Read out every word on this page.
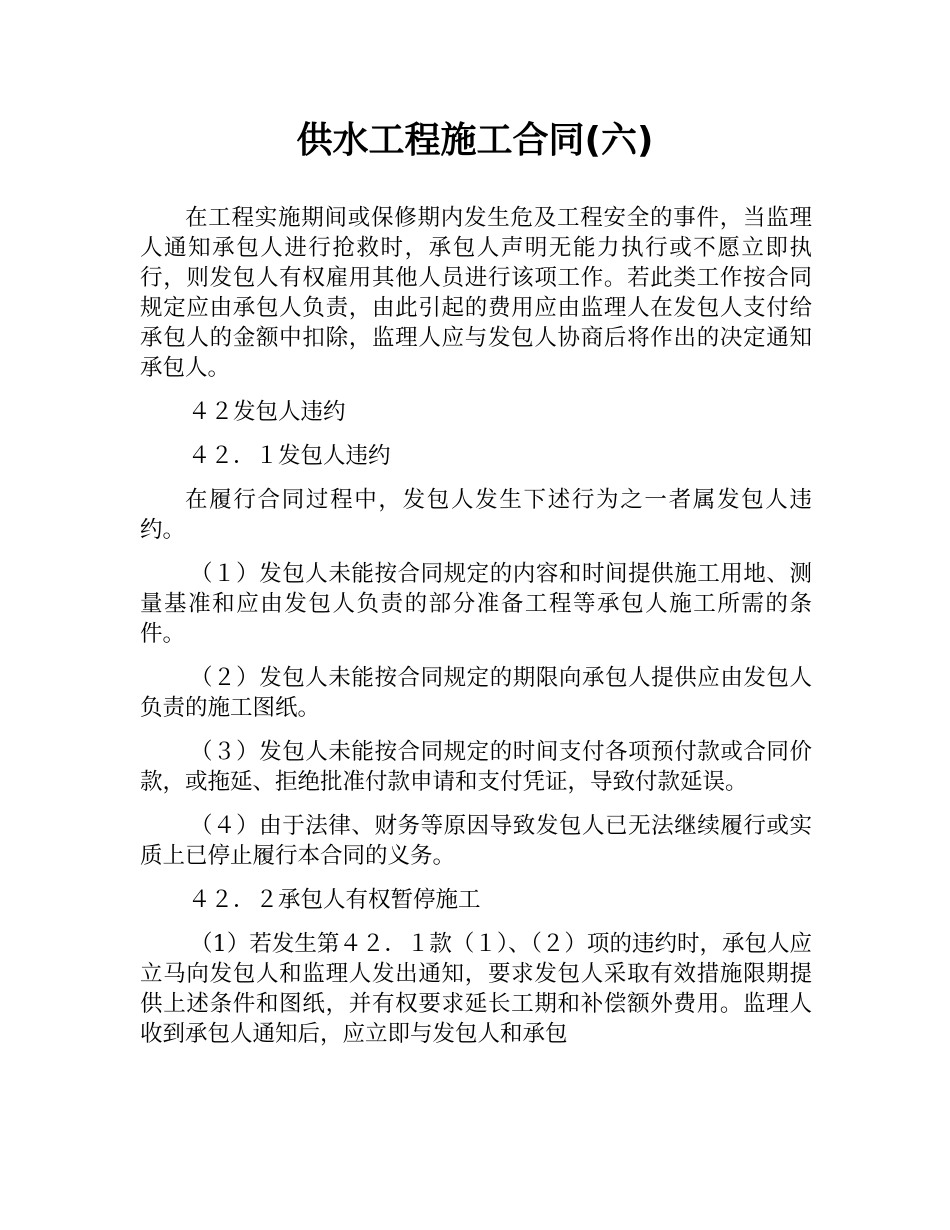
供水工程施工合同(六)

在工程实施期间或保修期内发生危及工程安全的事件，当监理人通知承包人进行抢救时，承包人声明无能力执行或不愿立即执行，则发包人有权雇用其他人员进行该项工作。若此类工作按合同规定应由承包人负责，由此引起的费用应由监理人在发包人支付给承包人的金额中扣除，监理人应与发包人协商后将作出的决定通知承包人。

４２发包人违约

４２．１发包人违约

在履行合同过程中，发包人发生下述行为之一者属发包人违约。

（１）发包人未能按合同规定的内容和时间提供施工用地、测量基准和应由发包人负责的部分准备工程等承包人施工所需的条件。

（２）发包人未能按合同规定的期限向承包人提供应由发包人负责的施工图纸。

（３）发包人未能按合同规定的时间支付各项预付款或合同价款，或拖延、拒绝批准付款申请和支付凭证，导致付款延误。

（４）由于法律、财务等原因导致发包人已无法继续履行或实质上已停止履行本合同的义务。

４２．２承包人有权暂停施工

（1）若发生第４２．１款（１）、（２）项的违约时，承包人应立马向发包人和监理人发出通知，要求发包人采取有效措施限期提供上述条件和图纸，并有权要求延长工期和补偿额外费用。监理人收到承包人通知后，应立即与发包人和承包
